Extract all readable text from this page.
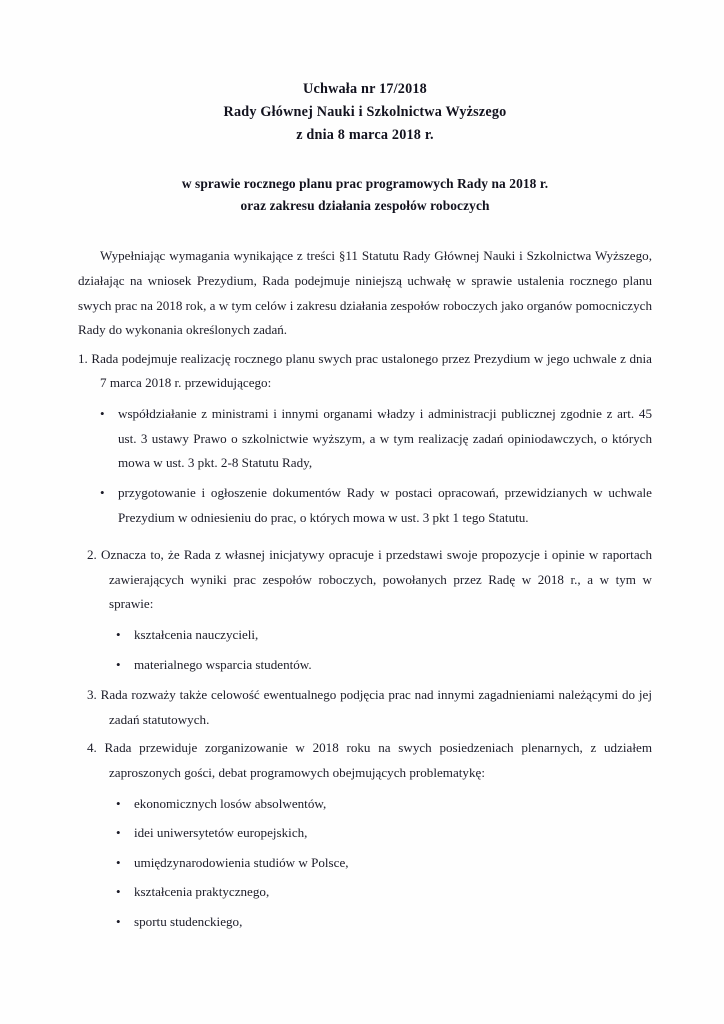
Uchwała nr 17/2018
Rady Głównej Nauki i Szkolnictwa Wyższego
z dnia 8 marca 2018 r.
w sprawie rocznego planu prac programowych Rady na 2018 r.
oraz zakresu działania zespołów roboczych

Wypełniając wymagania wynikające z treści §11 Statutu Rady Głównej Nauki i Szkolnictwa Wyższego, działając na wniosek Prezydium, Rada podejmuje niniejszą uchwałę w sprawie ustalenia rocznego planu swych prac na 2018 rok, a w tym celów i zakresu działania zespołów roboczych jako organów pomocniczych Rady do wykonania określonych zadań.

1. Rada podejmuje realizację rocznego planu swych prac ustalonego przez Prezydium w jego uchwale z dnia 7 marca 2018 r. przewidującego:

• współdziałanie z ministrami i innymi organami władzy i administracji publicznej zgodnie z art. 45 ust. 3 ustawy Prawo o szkolnictwie wyższym, a w tym realizację zadań opiniodawczych, o których mowa w ust. 3 pkt. 2-8 Statutu Rady,
• przygotowanie i ogłoszenie dokumentów Rady w postaci opracowań, przewidzianych w uchwale Prezydium w odniesieniu do prac, o których mowa w ust. 3 pkt 1 tego Statutu.

2. Oznacza to, że Rada z własnej inicjatywy opracuje i przedstawi swoje propozycje i opinie w raportach zawierających wyniki prac zespołów roboczych, powołanych przez Radę w 2018 r., a w tym w sprawie:

• kształcenia nauczycieli,
• materialnego wsparcia studentów.

3. Rada rozważy także celowość ewentualnego podjęcia prac nad innymi zagadnieniami należącymi do jej zadań statutowych.

4. Rada przewiduje zorganizowanie w 2018 roku na swych posiedzeniach plenarnych, z udziałem zaproszonych gości, debat programowych obejmujących problematykę:

• ekonomicznych losów absolwentów,
• idei uniwersytetów europejskich,
• umiędzynarodowienia studiów w Polsce,
• kształcenia praktycznego,
• sportu studenckiego,
